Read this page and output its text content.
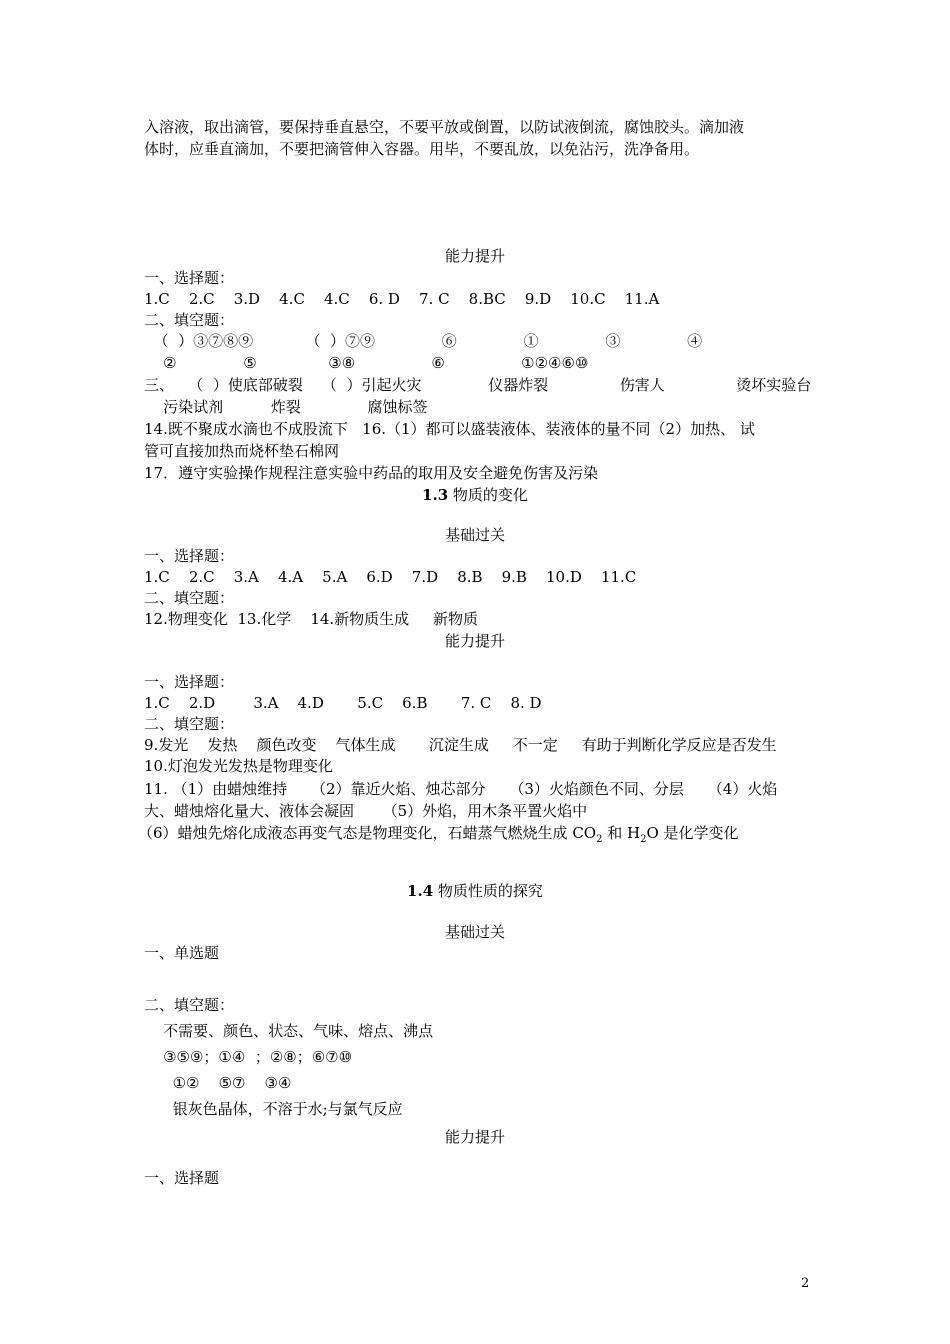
入溶液，取出滴管，要保持垂直悬空，不要平放或倒置，以防试液倒流，腐蚀胶头。滴加液
体时，应垂直滴加，不要把滴管伸入容器。用毕，不要乱放，以免沾污，洗净备用。
能力提升
一、选择题：
1.C    2.C    3.D    4.C    4.C    6. D    7. C    8.BC    9.D    10.C    11.A
二、填空题：
（  ）③⑦⑧⑨           （  ）⑦⑨              ⑥              ①              ③              ④
②              ⑤               ③⑧                ⑥                ①②④⑥⑩
三、   （  ）使底部破裂    （  ）引起火灾              仪器炸裂               伤害人               烫坏实验台
污染试剂          炸裂              腐蚀标签
14.既不聚成水滴也不成股流下   16.（1）都可以盛装液体、装液体的量不同（2）加热、 试
管可直接加热而烧杯垫石棉网
17．遵守实验操作规程注意实验中药品的取用及安全避免伤害及污染
1.3 物质的变化
基础过关
一、选择题：
1.C    2.C    3.A    4.A    5.A    6.D    7.D    8.B    9.B    10.D    11.C
二、填空题：
12.物理变化  13.化学    14.新物质生成     新物质
能力提升
一、选择题：
1.C    2.D        3.A    4.D       5.C    6.B       7. C    8. D
二、填空题：
9.发光    发热    颜色改变    气体生成       沉淀生成     不一定     有助于判断化学反应是否发生
10.灯泡发光发热是物理变化
11. （1）由蜡烛维持     （2）靠近火焰、烛芯部分     （3）火焰颜色不同、分层     （4）火焰
大、蜡烛熔化量大、液体会凝固      （5）外焰，用木条平置火焰中
（6）蜡烛先熔化成液态再变气态是物理变化，石蜡蒸气燃烧生成 $CO_2$ 和 $H_2O$ 是化学变化
1.4 物质性质的探究
基础过关
一、单选题
二、填空题：
不需要、颜色、状态、气味、熔点、沸点
③⑤⑨；①④  ；②⑧；⑥⑦⑩
①②    ⑤⑦    ③④
银灰色晶体，不溶于水;与氯气反应
能力提升
一、选择题
2
